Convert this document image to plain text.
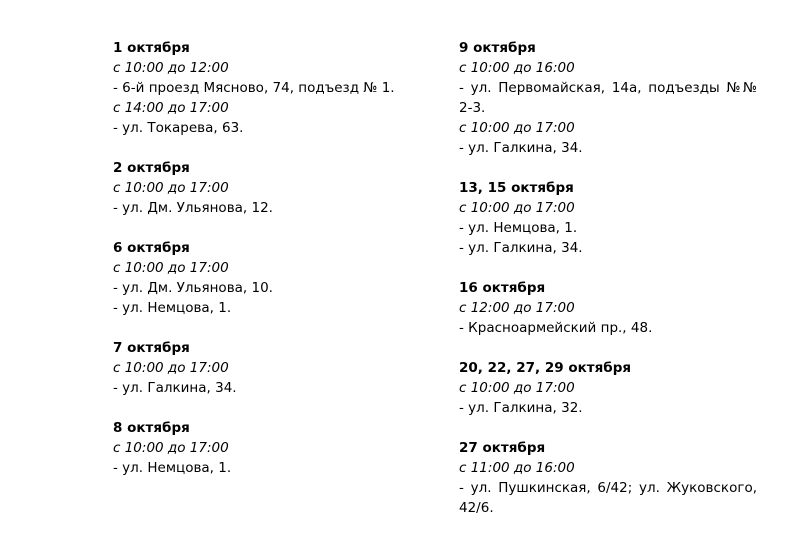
1 октября
с 10:00 до 12:00
- 6-й проезд Мясново, 74, подъезд № 1.
с 14:00 до 17:00
- ул. Токарева, 63.
2 октября
с 10:00 до 17:00
- ул. Дм. Ульянова, 12.
6 октября
с 10:00 до 17:00
- ул. Дм. Ульянова, 10.
- ул. Немцова, 1.
7 октября
с 10:00 до 17:00
- ул. Галкина, 34.
8 октября
с 10:00 до 17:00
- ул. Немцова, 1.
9 октября
с 10:00 до 16:00
- ул. Первомайская, 14а, подъезды №№ 2-3.
с 10:00 до 17:00
- ул. Галкина, 34.
13, 15 октября
с 10:00 до 17:00
- ул. Немцова, 1.
- ул. Галкина, 34.
16 октября
с 12:00 до 17:00
- Красноармейский пр., 48.
20, 22, 27, 29 октября
с 10:00 до 17:00
- ул. Галкина, 32.
27 октября
с 11:00 до 16:00
- ул. Пушкинская, 6/42; ул. Жуковского, 42/6.
